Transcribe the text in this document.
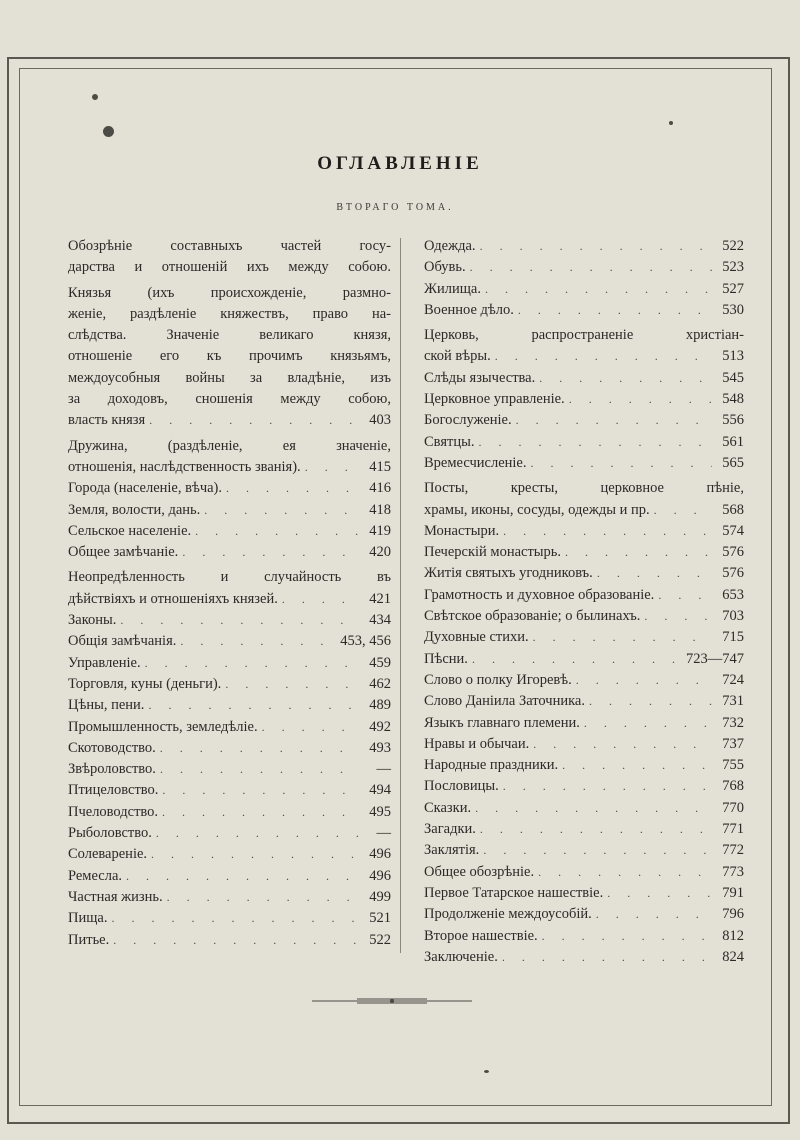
ОГЛАВЛЕНІЕ
ВТОРАГО ТОМА.
Обозрѣніе составныхъ частей госу-
дарства и отношеній ихъ между собою.
Князья (ихъ происхожденіе, размно-
женіе, раздѣленіе княжествъ, право на-
слѣдства. Значеніе великаго князя,
отношеніе его къ прочимъ князьямъ,
междоусобныя войны за владѣніе, изъ
за доходовъ, сношенія между собою,
власть князя . . .	403
Дружина, (раздѣленіе, ея значеніе,
отношенія, наслѣдственность званія). . . .	415
Города (населеніе, вѣча). . . .	416
Земля, волости, дань. . . .	418
Сельское населеніе. . . .	419
Общее замѣчаніе. . . .	420
Неопредѣленность и случайность въ
дѣйствіяхъ и отношеніяхъ князей. . . .	421
Законы. . . .	434
Общія замѣчанія. . . .	453, 456
Управленіе. . . .	459
Торговля, куны (деньги). . . .	462
Цѣны, пени. . . .	489
Промышленность, земледѣліе. . . .	492
Скотоводство. . . .	493
Звѣроловство. . . .	—
Птицеловство. . . .	494
Пчеловодство. . . .	495
Рыболовство. . . .	—
Солевареніе. . . .	496
Ремесла. . . .	496
Частная жизнь. . . .	499
Пища. . . .	521
Питье. . . .	522
Одежда. . . .	522
Обувь. . . .	523
Жилища. . . .	527
Военное дѣло. . . .	530
Церковь, распространеніе христіан-
ской вѣры. . . .	513
Слѣды язычества. . . .	545
Церковное управленіе. . . .	548
Богослуженіе. . . .	556
Святцы. . . .	561
Времесчисленіе. . . .	565
Посты, кресты, церковное пѣніе,
храмы, иконы, сосуды, одежды и пр. . . .	568
Монастыри. . . .	574
Печерскій монастырь. . . .	576
Житія святыхъ угодниковъ. . . .	576
Грамотность и духовное образованіе. . . .	653
Свѣтское образованіе; о былинахъ. . . .	703
Духовные стихи. . . .	715
Пѣсни. . . .	723—747
Слово о полку Игоревѣ. . . .	724
Слово Даніила Заточника. . . .	731
Языкъ главнаго племени. . . .	732
Нравы и обычаи. . . .	737
Народные праздники. . . .	755
Пословицы. . . .	768
Сказки. . . .	770
Загадки. . . .	771
Заклятія. . . .	772
Общее обозрѣніе. . . .	773
Первое Татарское нашествіе. . . .	791
Продолженіе междоусобій. . . .	796
Второе нашествіе. . . .	812
Заключеніе. . . .	824
